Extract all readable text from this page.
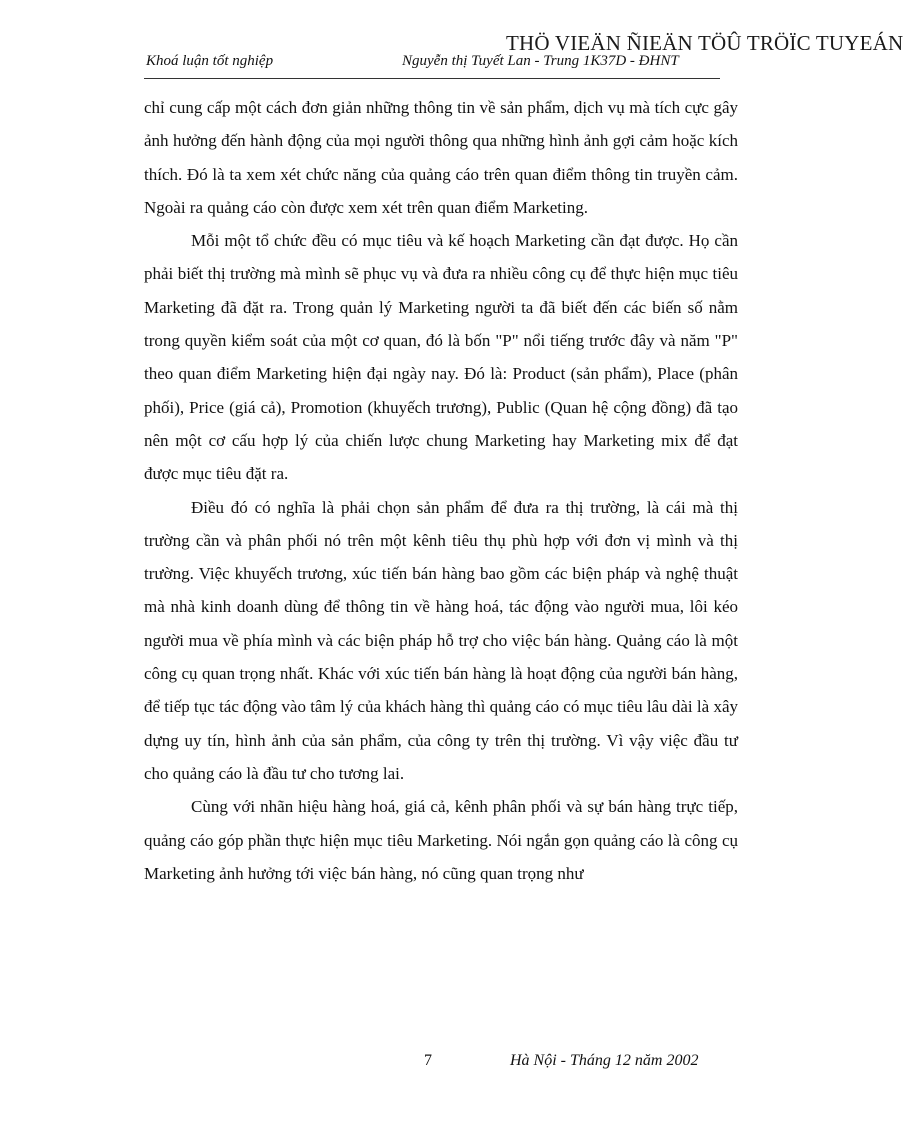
THÖ VIEÄN ÑIEÄN TÖÛ TRÖÏC TUYEÁN
Khoá luận tốt nghiệp	Nguyễn thị Tuyết Lan - Trung 1K37D - ĐHNT

chỉ cung cấp một cách đơn giản những thông tin về sản phẩm, dịch vụ mà tích cực gây ảnh hưởng đến hành động của mọi người thông qua những hình ảnh gợi cảm hoặc kích thích. Đó là ta xem xét chức năng của quảng cáo trên quan điểm thông tin truyền cảm. Ngoài ra quảng cáo còn được xem xét trên quan điểm Marketing.

Mỗi một tổ chức đều có mục tiêu và kế hoạch Marketing cần đạt được. Họ cần phải biết thị trường mà mình sẽ phục vụ và đưa ra nhiều công cụ để thực hiện mục tiêu Marketing đã đặt ra. Trong quản lý Marketing người ta đã biết đến các biến số nằm trong quyền kiểm soát của một cơ quan, đó là bốn "P" nổi tiếng trước đây và năm "P" theo quan điểm Marketing hiện đại ngày nay. Đó là: Product (sản phẩm), Place (phân phối), Price (giá cả), Promotion (khuyếch trương), Public (Quan hệ cộng đồng) đã tạo nên một cơ cấu hợp lý của chiến lược chung Marketing hay Marketing mix để đạt được mục tiêu đặt ra.

Điều đó có nghĩa là phải chọn sản phẩm để đưa ra thị trường, là cái mà thị trường cần và phân phối nó trên một kênh tiêu thụ phù hợp với đơn vị mình và thị trường. Việc khuyếch trương, xúc tiến bán hàng bao gồm các biện pháp và nghệ thuật mà nhà kinh doanh dùng để thông tin về hàng hoá, tác động vào người mua, lôi kéo người mua về phía mình và các biện pháp hỗ trợ cho việc bán hàng. Quảng cáo là một công cụ quan trọng nhất. Khác với xúc tiến bán hàng là hoạt động của người bán hàng, để tiếp tục tác động vào tâm lý của khách hàng thì quảng cáo có mục tiêu lâu dài là xây dựng uy tín, hình ảnh của sản phẩm, của công ty trên thị trường. Vì vậy việc đầu tư cho quảng cáo là đầu tư cho tương lai.

Cùng với nhãn hiệu hàng hoá, giá cả, kênh phân phối và sự bán hàng trực tiếp, quảng cáo góp phần thực hiện mục tiêu Marketing. Nói ngắn gọn quảng cáo là công cụ Marketing ảnh hưởng tới việc bán hàng, nó cũng quan trọng như

7	Hà Nội - Tháng 12 năm 2002
